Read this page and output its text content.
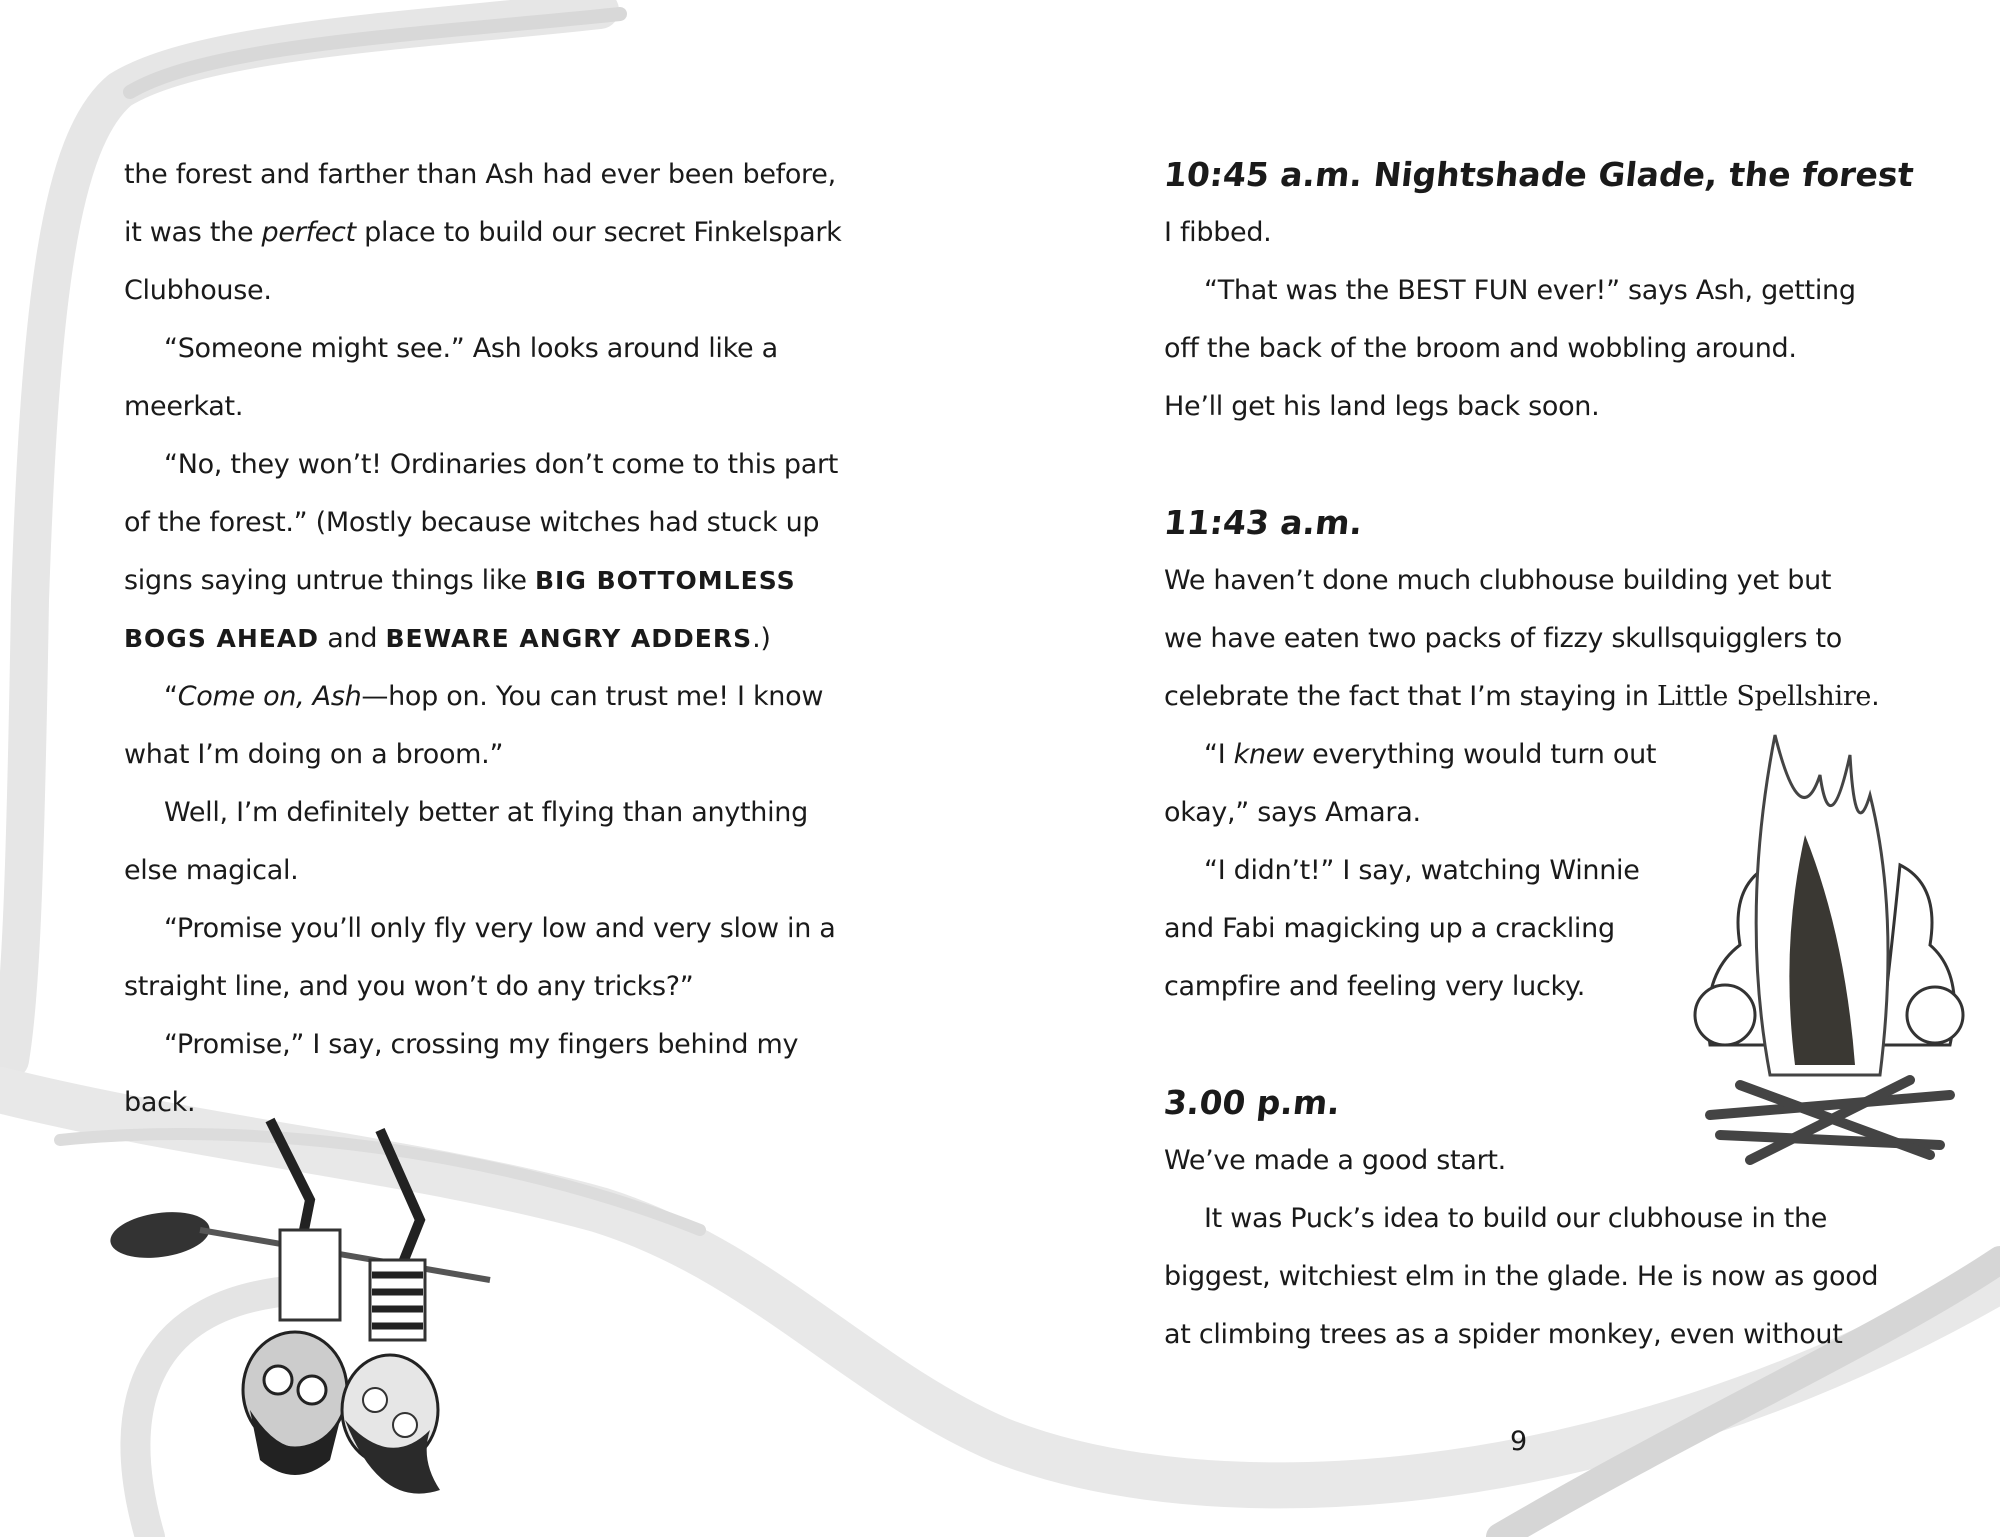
the forest and farther than Ash had ever been before,
it was the perfect place to build our secret Finkelspark
Clubhouse.
“Someone might see.” Ash looks around like a
meerkat.
“No, they won’t! Ordinaries don’t come to this part
of the forest.” (Mostly because witches had stuck up
signs saying untrue things like BIG BOTTOMLESS
BOGS AHEAD and BEWARE ANGRY ADDERS.)
“Come on, Ash—hop on. You can trust me! I know
what I’m doing on a broom.”
Well, I’m definitely better at flying than anything
else magical.
“Promise you’ll only fly very low and very slow in a
straight line, and you won’t do any tricks?”
“Promise,” I say, crossing my fingers behind my
back.
10:45 a.m. Nightshade Glade, the forest
I fibbed.
“That was the BEST FUN ever!” says Ash, getting
off the back of the broom and wobbling around.
He’ll get his land legs back soon.
11:43 a.m.
We haven’t done much clubhouse building yet but
we have eaten two packs of fizzy skullsquigglers to
celebrate the fact that I’m staying in Little Spellshire.
“I knew everything would turn out
okay,” says Amara.
“I didn’t!” I say, watching Winnie
and Fabi magicking up a crackling
campfire and feeling very lucky.
3.00 p.m.
We’ve made a good start.
It was Puck’s idea to build our clubhouse in the
biggest, witchiest elm in the glade. He is now as good
at climbing trees as a spider monkey, even without
9
